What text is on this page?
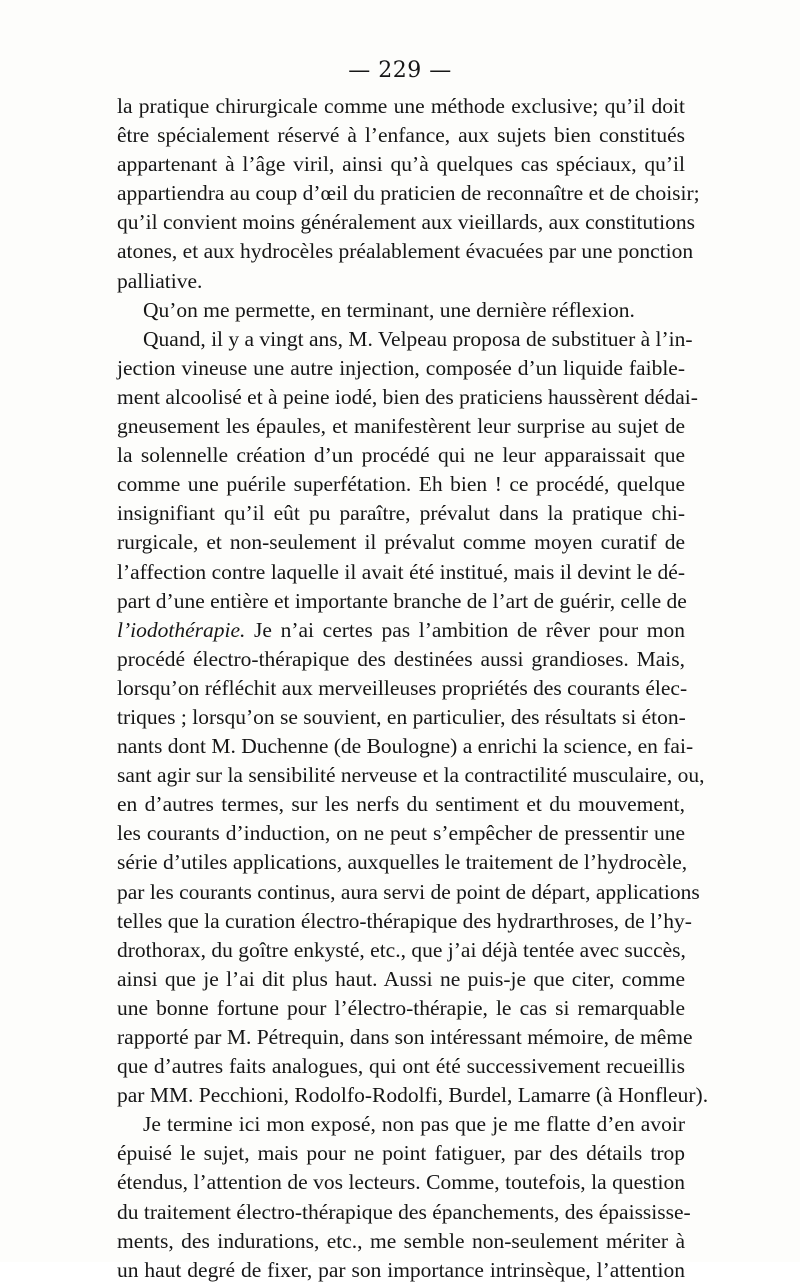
— 229 —
la pratique chirurgicale comme une méthode exclusive; qu’il doit
être spécialement réservé à l’enfance, aux sujets bien constitués
appartenant à l’âge viril, ainsi qu’à quelques cas spéciaux, qu’il
appartiendra au coup d’œil du praticien de reconnaître et de choisir;
qu’il convient moins généralement aux vieillards, aux constitutions
atones, et aux hydrocèles préalablement évacuées par une ponction
palliative.
Qu’on me permette, en terminant, une dernière réflexion.
Quand, il y a vingt ans, M. Velpeau proposa de substituer à l’in-
jection vineuse une autre injection, composée d’un liquide faible-
ment alcoolisé et à peine iodé, bien des praticiens haussèrent dédai-
gneusement les épaules, et manifestèrent leur surprise au sujet de
la solennelle création d’un procédé qui ne leur apparaissait que
comme une puérile superfétation. Eh bien ! ce procédé, quelque
insignifiant qu’il eût pu paraître, prévalut dans la pratique chi-
rurgicale, et non-seulement il prévalut comme moyen curatif de
l’affection contre laquelle il avait été institué, mais il devint le dé-
part d’une entière et importante branche de l’art de guérir, celle de
l’iodothérapie. Je n’ai certes pas l’ambition de rêver pour mon
procédé électro-thérapique des destinées aussi grandioses. Mais,
lorsqu’on réfléchit aux merveilleuses propriétés des courants élec-
triques ; lorsqu’on se souvient, en particulier, des résultats si éton-
nants dont M. Duchenne (de Boulogne) a enrichi la science, en fai-
sant agir sur la sensibilité nerveuse et la contractilité musculaire, ou,
en d’autres termes, sur les nerfs du sentiment et du mouvement,
les courants d’induction, on ne peut s’empêcher de pressentir une
série d’utiles applications, auxquelles le traitement de l’hydrocèle,
par les courants continus, aura servi de point de départ, applications
telles que la curation électro-thérapique des hydrarthroses, de l’hy-
drothorax, du goître enkysté, etc., que j’ai déjà tentée avec succès,
ainsi que je l’ai dit plus haut. Aussi ne puis-je que citer, comme
une bonne fortune pour l’électro-thérapie, le cas si remarquable
rapporté par M. Pétrequin, dans son intéressant mémoire, de même
que d’autres faits analogues, qui ont été successivement recueillis
par MM. Pecchioni, Rodolfo-Rodolfi, Burdel, Lamarre (à Honfleur).
Je termine ici mon exposé, non pas que je me flatte d’en avoir
épuisé le sujet, mais pour ne point fatiguer, par des détails trop
étendus, l’attention de vos lecteurs. Comme, toutefois, la question
du traitement électro-thérapique des épanchements, des épaississe-
ments, des indurations, etc., me semble non-seulement mériter à
un haut degré de fixer, par son importance intrinsèque, l’attention
